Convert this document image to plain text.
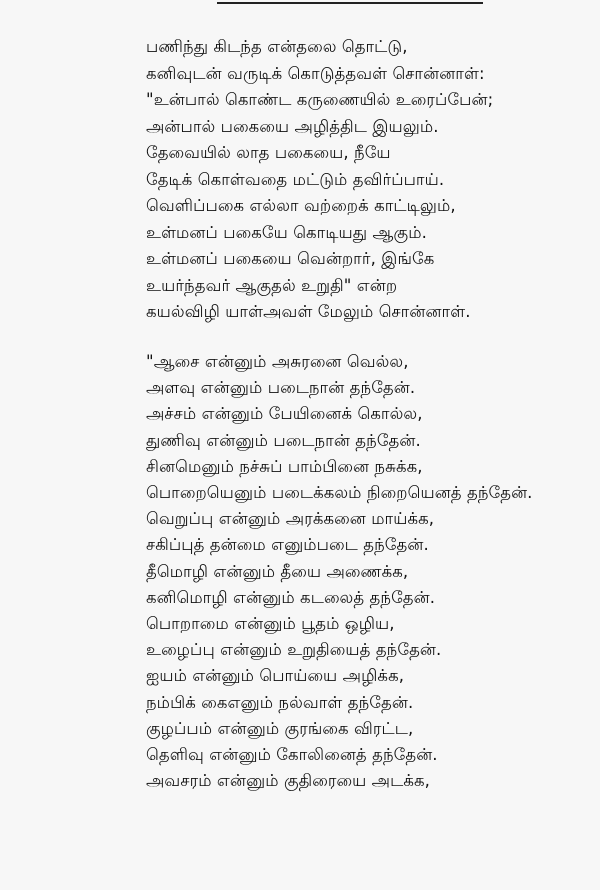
பணிந்து கிடந்த என்தலை தொட்டு,
கனிவுடன் வருடிக் கொடுத்தவள் சொன்னாள்:
"உன்பால் கொண்ட கருணையில் உரைப்பேன்;
அன்பால் பகையை அழித்திட இயலும்.
தேவையில் லாத பகையை, நீயே
தேடிக் கொள்வதை மட்டும் தவிர்ப்பாய்.
வெளிப்பகை எல்லா வற்றைக் காட்டிலும்,
உள்மனப் பகையே கொடியது ஆகும்.
உள்மனப் பகையை வென்றார், இங்கே
உயர்ந்தவர் ஆகுதல் உறுதி" என்ற
கயல்விழி யாள்அவள் மேலும் சொன்னாள்.
"ஆசை என்னும் அசுரனை வெல்ல,
அளவு என்னும் படைநான் தந்தேன்.
அச்சம் என்னும் பேயினைக் கொல்ல,
துணிவு என்னும் படைநான் தந்தேன்.
சினமெனும் நச்சுப் பாம்பினை நசுக்க,
பொறையெனும் படைக்கலம் நிறையெனத் தந்தேன்.
வெறுப்பு என்னும் அரக்கனை மாய்க்க,
சகிப்புத் தன்மை எனும்படை தந்தேன்.
தீமொழி என்னும் தீயை அணைக்க,
கனிமொழி என்னும் கடலைத் தந்தேன்.
பொறாமை என்னும் பூதம் ஒழிய,
உழைப்பு என்னும் உறுதியைத் தந்தேன்.
ஐயம் என்னும் பொய்யை அழிக்க,
நம்பிக் கைஎனும் நல்வாள் தந்தேன்.
குழப்பம் என்னும் குரங்கை விரட்ட,
தெளிவு என்னும் கோலினைத் தந்தேன்.
அவசரம் என்னும் குதிரையை அடக்க,
